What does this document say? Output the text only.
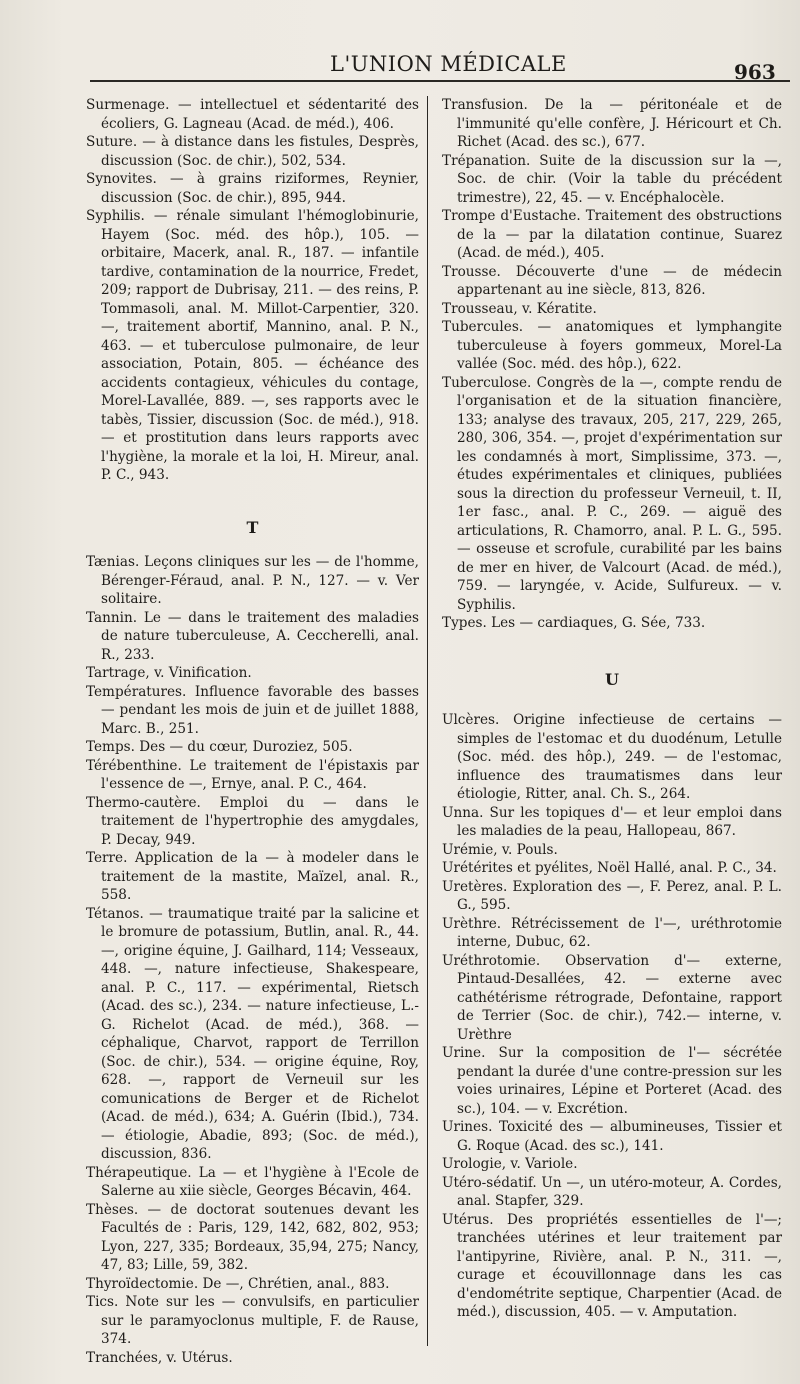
L'UNION MÉDICALE	963

Surmenage. — intellectuel et sédentarité des écoliers, G. Lagneau (Acad. de méd.), 406.

Suture. — à distance dans les fistules, Desprès, discussion (Soc. de chir.), 502, 534.

Synovites. — à grains riziformes, Reynier, discussion (Soc. de chir.), 895, 944.

Syphilis. — rénale simulant l'hémoglobinurie, Hayem (Soc. méd. des hôp.), 105. — orbitaire, Macerk, anal. R., 187. — infantile tardive, contamination de la nourrice, Fredet, 209; rapport de Dubrisay, 211. — des reins, P. Tommasoli, anal. M. Millot-Carpentier, 320. —, traitement abortif, Mannino, anal. P. N., 463. — et tuberculose pulmonaire, de leur association, Potain, 805. — échéance des accidents contagieux, véhicules du contage, Morel-Lavallée, 889. —, ses rapports avec le tabès, Tissier, discussion (Soc. de méd.), 918. — et prostitution dans leurs rapports avec l'hygiène, la morale et la loi, H. Mireur, anal. P. C., 943.

T

Tænias. Leçons cliniques sur les — de l'homme, Bérenger-Féraud, anal. P. N., 127. — v. Ver solitaire.

Tannin. Le — dans le traitement des maladies de nature tuberculeuse, A. Ceccherelli, anal. R., 233.

Tartrage, v. Vinification.

Températures. Influence favorable des basses — pendant les mois de juin et de juillet 1888, Marc. B., 251.

Temps. Des — du cœur, Duroziez, 505.

Térébenthine. Le traitement de l'épistaxis par l'essence de —, Ernye, anal. P. C., 464.

Thermo-cautère. Emploi du — dans le traitement de l'hypertrophie des amygdales, P. Decay, 949.

Terre. Application de la — à modeler dans le traitement de la mastite, Maïzel, anal. R., 558.

Tétanos. — traumatique traité par la salicine et le bromure de potassium, Butlin, anal. R., 44. —, origine équine, J. Gailhard, 114; Vesseaux, 448. —, nature infectieuse, Shakespeare, anal. P. C., 117. — expérimental, Rietsch (Acad. des sc.), 234. — nature infectieuse, L.-G. Richelot (Acad. de méd.), 368. — céphalique, Charvot, rapport de Terrillon (Soc. de chir.), 534. — origine équine, Roy, 628. —, rapport de Verneuil sur les comunications de Berger et de Richelot (Acad. de méd.), 634; A. Guérin (Ibid.), 734. — étiologie, Abadie, 893; (Soc. de méd.), discussion, 836.

Thérapeutique. La — et l'hygiène à l'Ecole de Salerne au xiie siècle, Georges Bécavin, 464.

Thèses. — de doctorat soutenues devant les Facultés de : Paris, 129, 142, 682, 802, 953; Lyon, 227, 335; Bordeaux, 35,94, 275; Nancy, 47, 83; Lille, 59, 382.

Thyroïdectomie. De —, Chrétien, anal., 883.

Tics. Note sur les — convulsifs, en particulier sur le paramyoclonus multiple, F. de Rause, 374.

Tranchées, v. Utérus.

Transfusion. De la — péritonéale et de l'immunité qu'elle confère, J. Héricourt et Ch. Richet (Acad. des sc.), 677.

Trépanation. Suite de la discussion sur la —, Soc. de chir. (Voir la table du précédent trimestre), 22, 45. — v. Encéphalocèle.

Trompe d'Eustache. Traitement des obstructions de la — par la dilatation continue, Suarez (Acad. de méd.), 405.

Trousse. Découverte d'une — de médecin appartenant au ine siècle, 813, 826.

Trousseau, v. Kératite.

Tubercules. — anatomiques et lymphangite tuberculeuse à foyers gommeux, Morel-La vallée (Soc. méd. des hôp.), 622.

Tuberculose. Congrès de la —, compte rendu de l'organisation et de la situation financière, 133; analyse des travaux, 205, 217, 229, 265, 280, 306, 354. —, projet d'expérimentation sur les condamnés à mort, Simplissime, 373. —, études expérimentales et cliniques, publiées sous la direction du professeur Verneuil, t. II, 1er fasc., anal. P. C., 269. — aiguë des articulations, R. Chamorro, anal. P. L. G., 595. — osseuse et scrofule, curabilité par les bains de mer en hiver, de Valcourt (Acad. de méd.), 759. — laryngée, v. Acide, Sulfureux. — v. Syphilis.

Types. Les — cardiaques, G. Sée, 733.

U

Ulcères. Origine infectieuse de certains — simples de l'estomac et du duodénum, Letulle (Soc. méd. des hôp.), 249. — de l'estomac, influence des traumatismes dans leur étiologie, Ritter, anal. Ch. S., 264.

Unna. Sur les topiques d'— et leur emploi dans les maladies de la peau, Hallopeau, 867.

Urémie, v. Pouls.

Urétérites et pyélites, Noël Hallé, anal. P. C., 34.

Uretères. Exploration des —, F. Perez, anal. P. L. G., 595.

Urèthre. Rétrécissement de l'—, uréthrotomie interne, Dubuc, 62.

Uréthrotomie. Observation d'— externe, Pintaud-Desallées, 42. — externe avec cathétérisme rétrograde, Defontaine, rapport de Terrier (Soc. de chir.), 742.— interne, v. Urèthre

Urine. Sur la composition de l'— sécrétée pendant la durée d'une contre-pression sur les voies urinaires, Lépine et Porteret (Acad. des sc.), 104. — v. Excrétion.

Urines. Toxicité des — albumineuses, Tissier et G. Roque (Acad. des sc.), 141.

Urologie, v. Variole.

Utéro-sédatif. Un —, un utéro-moteur, A. Cordes, anal. Stapfer, 329.

Utérus. Des propriétés essentielles de l'—; tranchées utérines et leur traitement par l'antipyrine, Rivière, anal. P. N., 311. —, curage et écouvillonnage dans les cas d'endométrite septique, Charpentier (Acad. de méd.), discussion, 405. — v. Amputation.
